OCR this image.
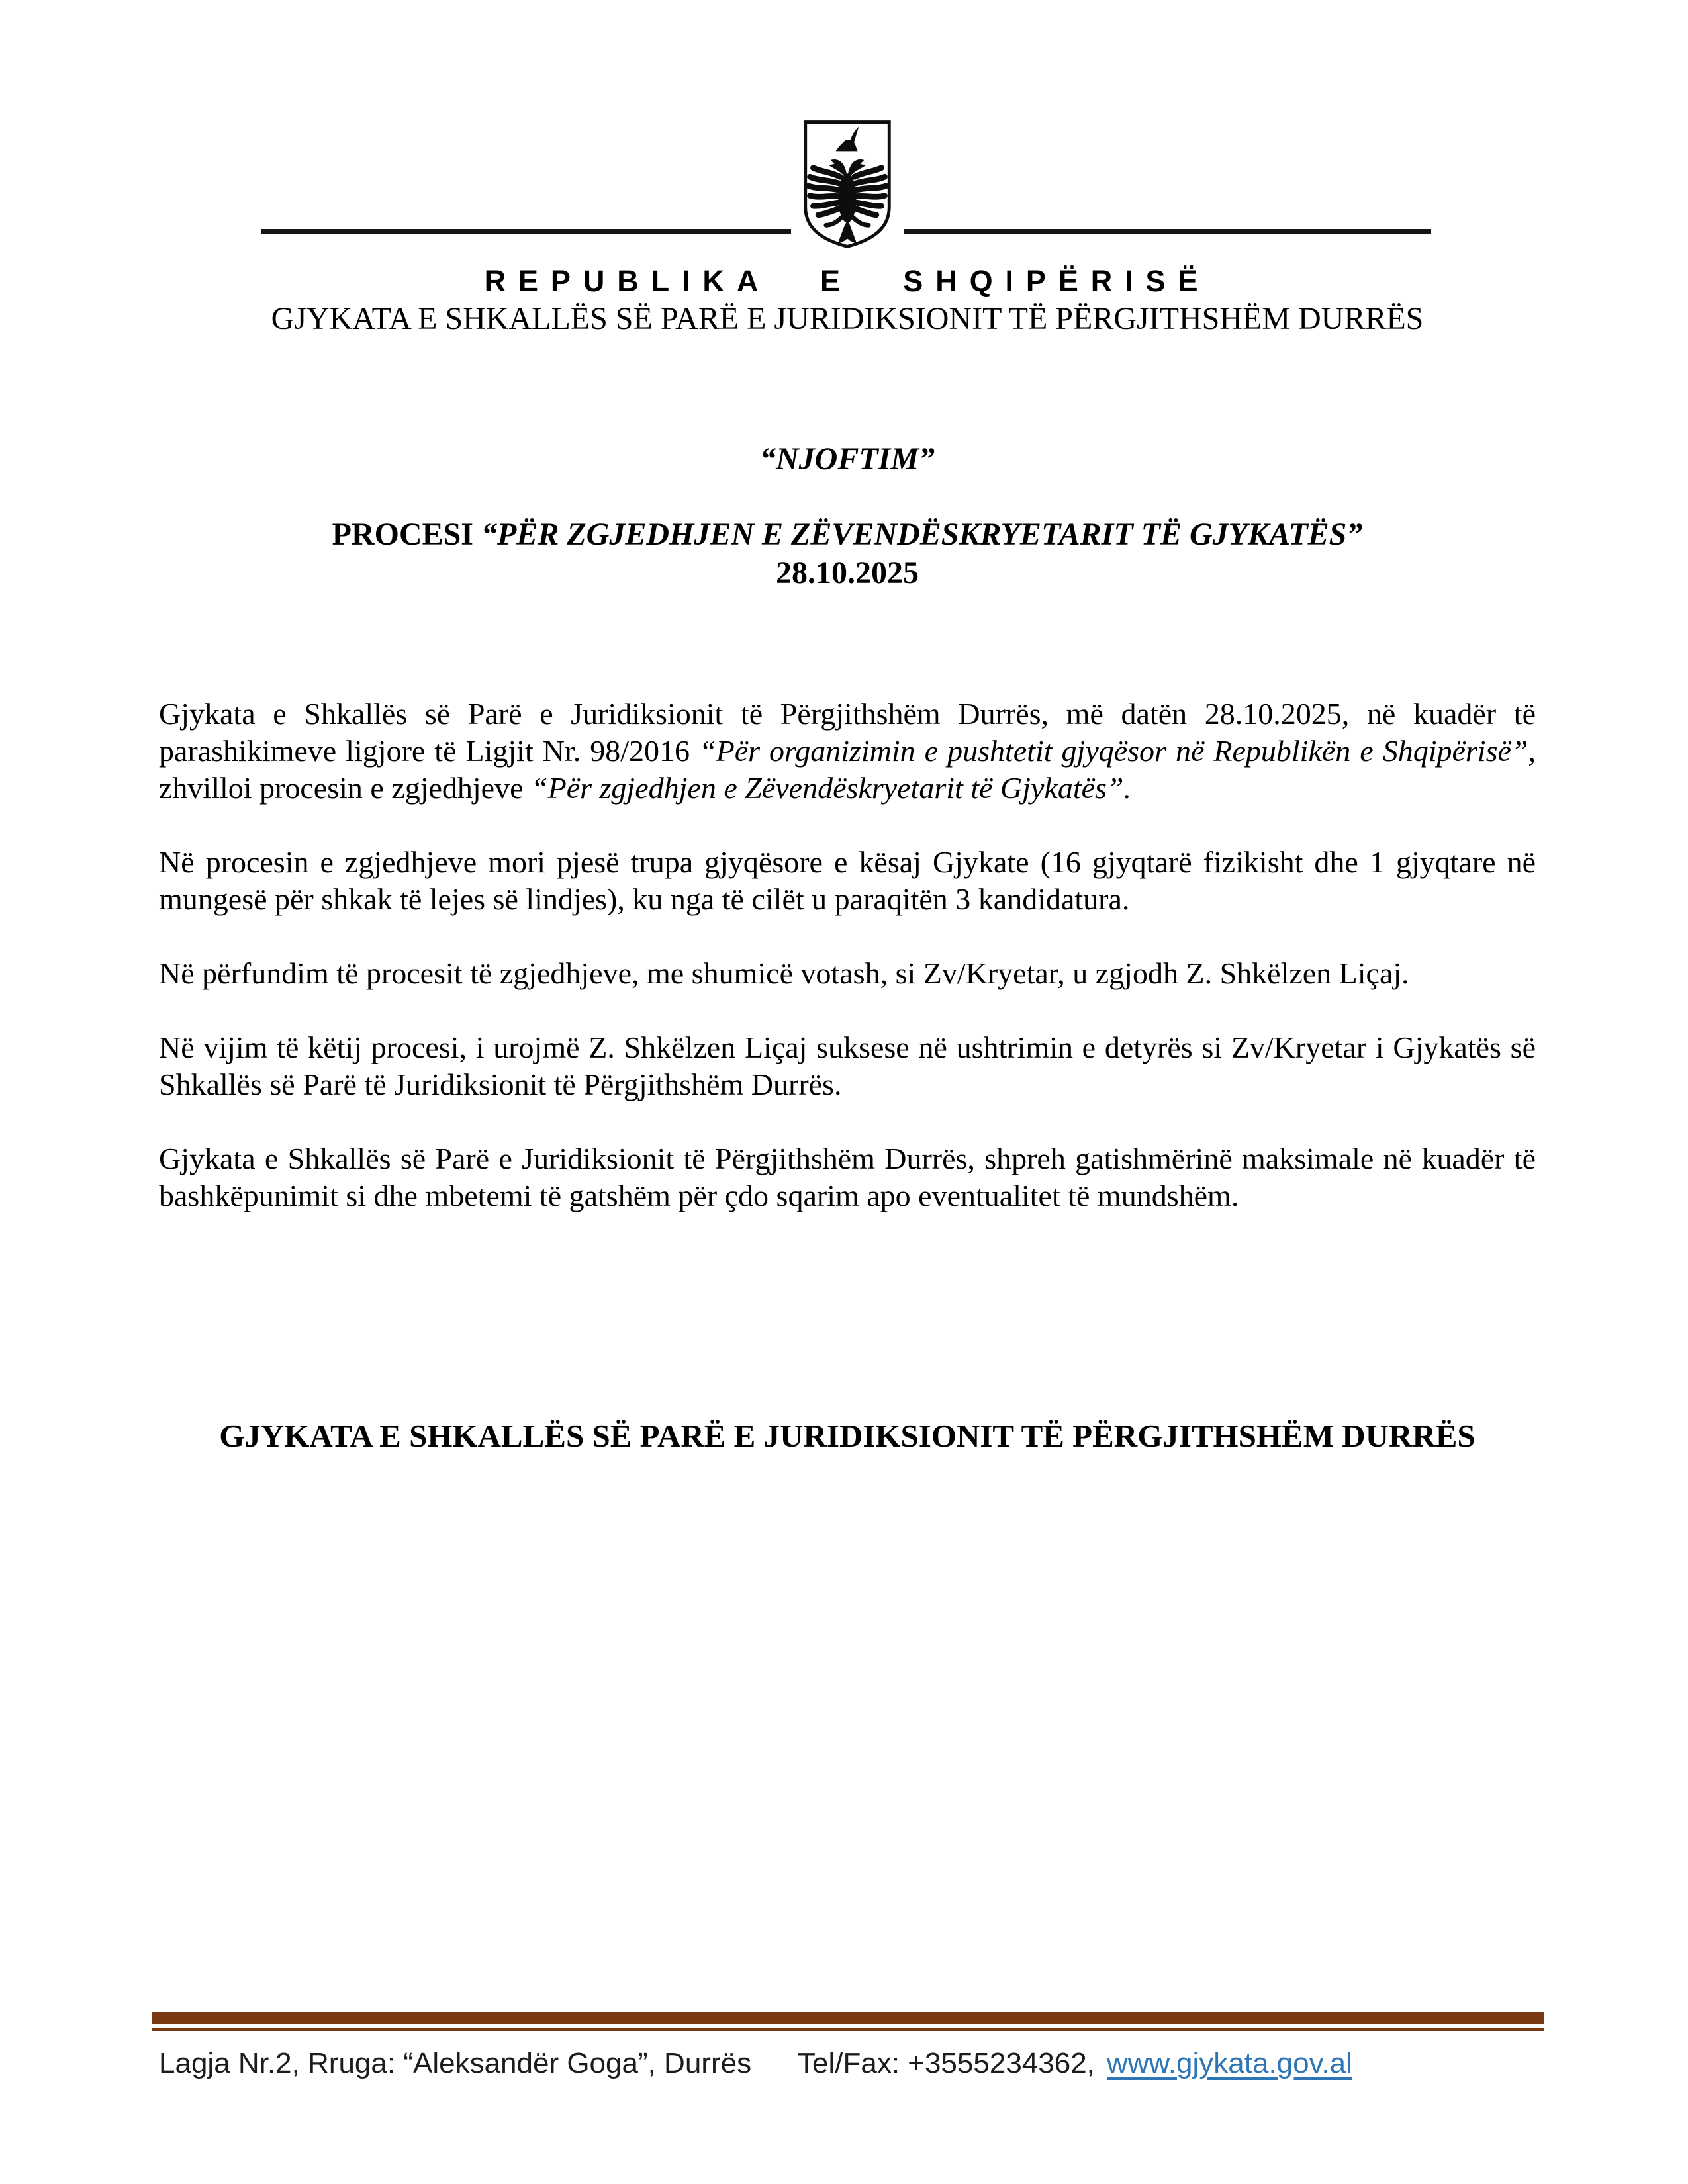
REPUBLIKA E SHQIPËRISË
GJYKATA E SHKALLËS SË PARË E JURIDIKSIONIT TË PËRGJITHSHËM DURRËS
“NJOFTIM”
PROCESI “PËR ZGJEDHJEN E ZËVENDËSKRYETARIT TË GJYKATËS”
28.10.2025

Gjykata e Shkallës së Parë e Juridiksionit të Përgjithshëm Durrës, më datën 28.10.2025, në kuadër të parashikimeve ligjore të Ligjit Nr. 98/2016 “Për organizimin e pushtetit gjyqësor në Republikën e Shqipërisë”, zhvilloi procesin e zgjedhjeve “Për zgjedhjen e Zëvendëskryetarit të Gjykatës”.

Në procesin e zgjedhjeve mori pjesë trupa gjyqësore e kësaj Gjykate (16 gjyqtarë fizikisht dhe 1 gjyqtare në mungesë për shkak të lejes së lindjes), ku nga të cilët u paraqitën 3 kandidatura.

Në përfundim të procesit të zgjedhjeve, me shumicë votash, si Zv/Kryetar, u zgjodh Z. Shkëlzen Liçaj.

Në vijim të këtij procesi, i urojmë Z. Shkëlzen Liçaj suksese në ushtrimin e detyrës si Zv/Kryetar i Gjykatës së Shkallës së Parë të Juridiksionit të Përgjithshëm Durrës.

Gjykata e Shkallës së Parë e Juridiksionit të Përgjithshëm Durrës, shpreh gatishmërinë maksimale në kuadër të bashkëpunimit si dhe mbetemi të gatshëm për çdo sqarim apo eventualitet të mundshëm.

GJYKATA E SHKALLËS SË PARË E JURIDIKSIONIT TË PËRGJITHSHËM DURRËS
Lagja Nr.2, Rruga: “Aleksandër Goga”, Durrës Tel/Fax: +3555234362, www.gjykata.gov.al
